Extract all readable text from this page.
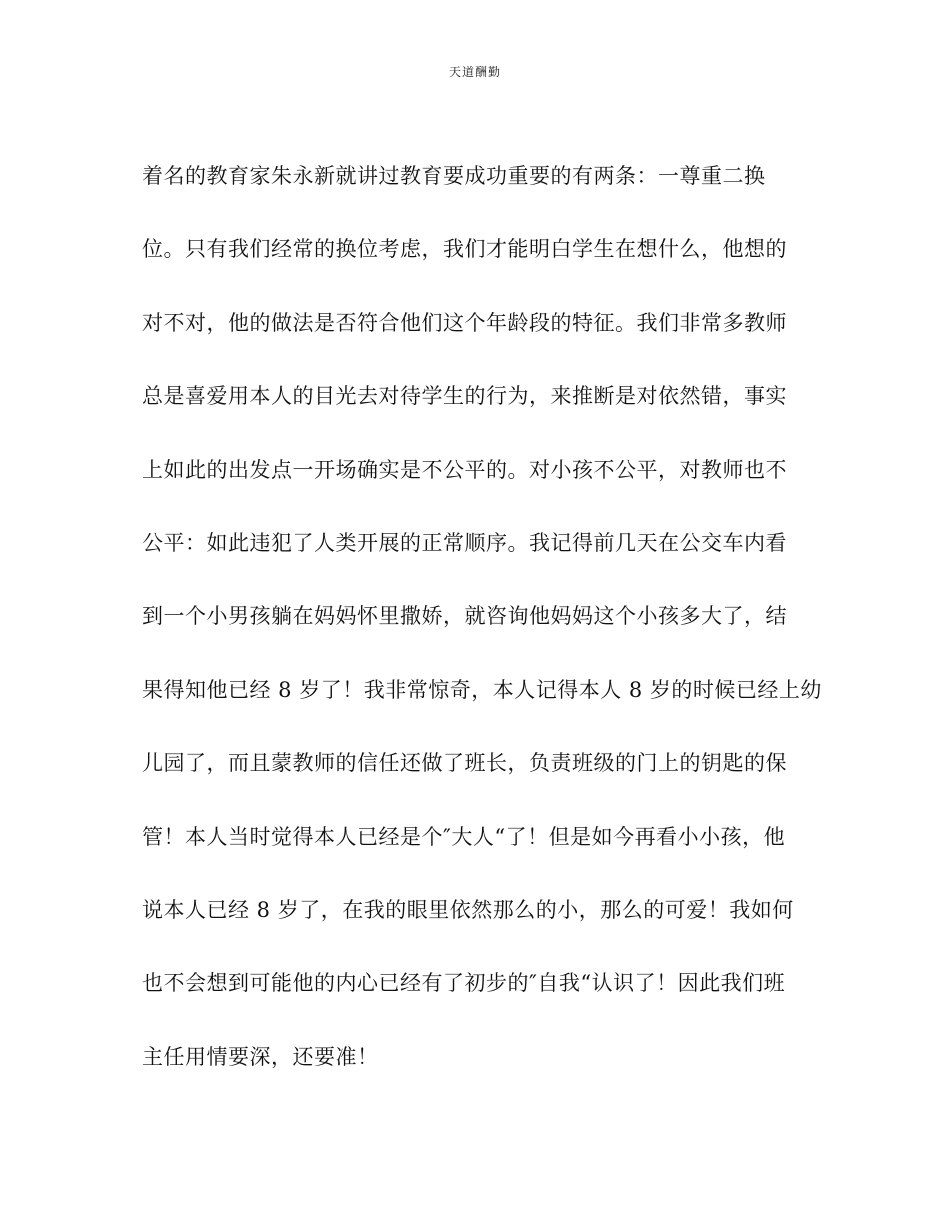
天道酬勤
着名的教育家朱永新就讲过教育要成功重要的有两条：一尊重二换
位。只有我们经常的换位考虑，我们才能明白学生在想什么，他想的
对不对，他的做法是否符合他们这个年龄段的特征。我们非常多教师
总是喜爱用本人的目光去对待学生的行为，来推断是对依然错，事实
上如此的出发点一开场确实是不公平的。对小孩不公平，对教师也不
公平：如此违犯了人类开展的正常顺序。我记得前几天在公交车内看
到一个小男孩躺在妈妈怀里撒娇，就咨询他妈妈这个小孩多大了，结
果得知他已经 8 岁了！我非常惊奇，本人记得本人 8 岁的时候已经上幼
儿园了，而且蒙教师的信任还做了班长，负责班级的门上的钥匙的保
管！本人当时觉得本人已经是个″大人“了！但是如今再看小小孩，他
说本人已经 8 岁了，在我的眼里依然那么的小，那么的可爱！我如何
也不会想到可能他的内心已经有了初步的″自我“认识了！因此我们班
主任用情要深，还要准！
